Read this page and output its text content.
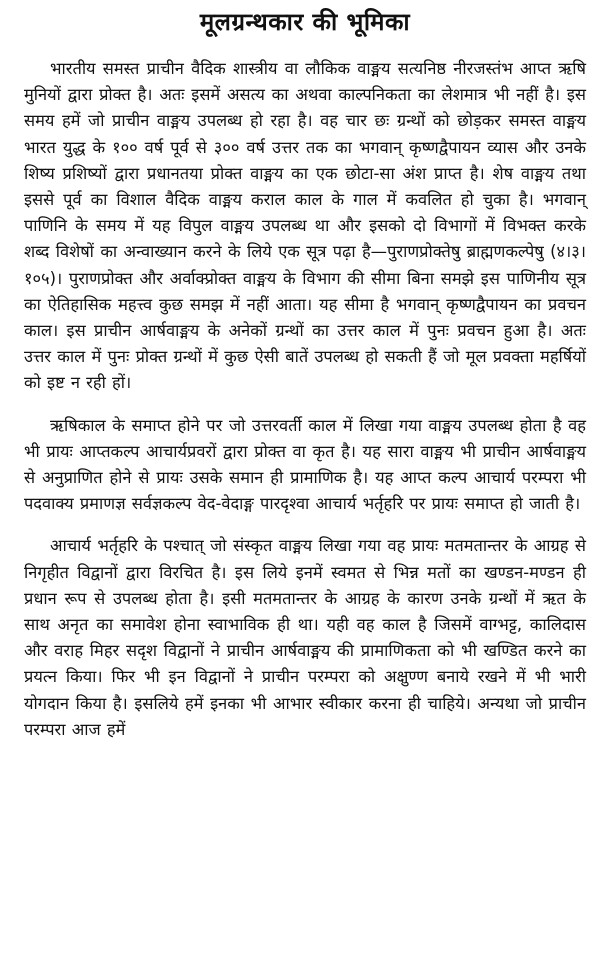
मूलग्रन्थकार की भूमिका

भारतीय समस्त प्राचीन वैदिक शास्त्रीय वा लौकिक वाङ्मय सत्यनिष्ठ नीरजस्तंभ आप्त ऋषि मुनियों द्वारा प्रोक्त है। अतः इसमें असत्य का अथवा काल्पनिकता का लेशमात्र भी नहीं है। इस समय हमें जो प्राचीन वाङ्मय उपलब्ध हो रहा है। वह चार छः ग्रन्थों को छोड़कर समस्त वाङ्मय भारत युद्ध के १०० वर्ष पूर्व से ३०० वर्ष उत्तर तक का भगवान् कृष्णद्वैपायन व्यास और उनके शिष्य प्रशिष्यों द्वारा प्रधानतया प्रोक्त वाङ्मय का एक छोटा-सा अंश प्राप्त है। शेष वाङ्मय तथा इससे पूर्व का विशाल वैदिक वाङ्मय कराल काल के गाल में कवलित हो चुका है। भगवान् पाणिनि के समय में यह विपुल वाङ्मय उपलब्ध था और इसको दो विभागों में विभक्त करके शब्द विशेषों का अन्वाख्यान करने के लिये एक सूत्र पढ़ा है—पुराणप्रोक्तेषु ब्राह्मणकल्पेषु (४।३।१०५)। पुराणप्रोक्त और अर्वाक्प्रोक्त वाङ्मय के विभाग की सीमा बिना समझे इस पाणिनीय सूत्र का ऐतिहासिक महत्त्व कुछ समझ में नहीं आता। यह सीमा है भगवान् कृष्णद्वैपायन का प्रवचन काल। इस प्राचीन आर्षवाङ्मय के अनेकों ग्रन्थों का उत्तर काल में पुनः प्रवचन हुआ है। अतः उत्तर काल में पुनः प्रोक्त ग्रन्थों में कुछ ऐसी बातें उपलब्ध हो सकती हैं जो मूल प्रवक्ता महर्षियों को इष्ट न रही हों।

ऋषिकाल के समाप्त होने पर जो उत्तरवर्ती काल में लिखा गया वाङ्मय उपलब्ध होता है वह भी प्रायः आप्तकल्प आचार्यप्रवरों द्वारा प्रोक्त वा कृत है। यह सारा वाङ्मय भी प्राचीन आर्षवाङ्मय से अनुप्राणित होने से प्रायः उसके समान ही प्रामाणिक है। यह आप्त कल्प आचार्य परम्परा भी पदवाक्य प्रमाणज्ञ सर्वज्ञकल्प वेद-वेदाङ्ग पारदृश्वा आचार्य भर्तृहरि पर प्रायः समाप्त हो जाती है।

आचार्य भर्तृहरि के पश्चात् जो संस्कृत वाङ्मय लिखा गया वह प्रायः मतमतान्तर के आग्रह से निगृहीत विद्वानों द्वारा विरचित है। इस लिये इनमें स्वमत से भिन्न मतों का खण्डन-मण्डन ही प्रधान रूप से उपलब्ध होता है। इसी मतमतान्तर के आग्रह के कारण उनके ग्रन्थों में ऋत के साथ अनृत का समावेश होना स्वाभाविक ही था। यही वह काल है जिसमें वाग्भट्ट, कालिदास और वराह मिहर सदृश विद्वानों ने प्राचीन आर्षवाङ्मय की प्रामाणिकता को भी खण्डित करने का प्रयत्न किया। फिर भी इन विद्वानों ने प्राचीन परम्परा को अक्षुण्ण बनाये रखने में भी भारी योगदान किया है। इसलिये हमें इनका भी आभार स्वीकार करना ही चाहिये। अन्यथा जो प्राचीन परम्परा आज हमें
